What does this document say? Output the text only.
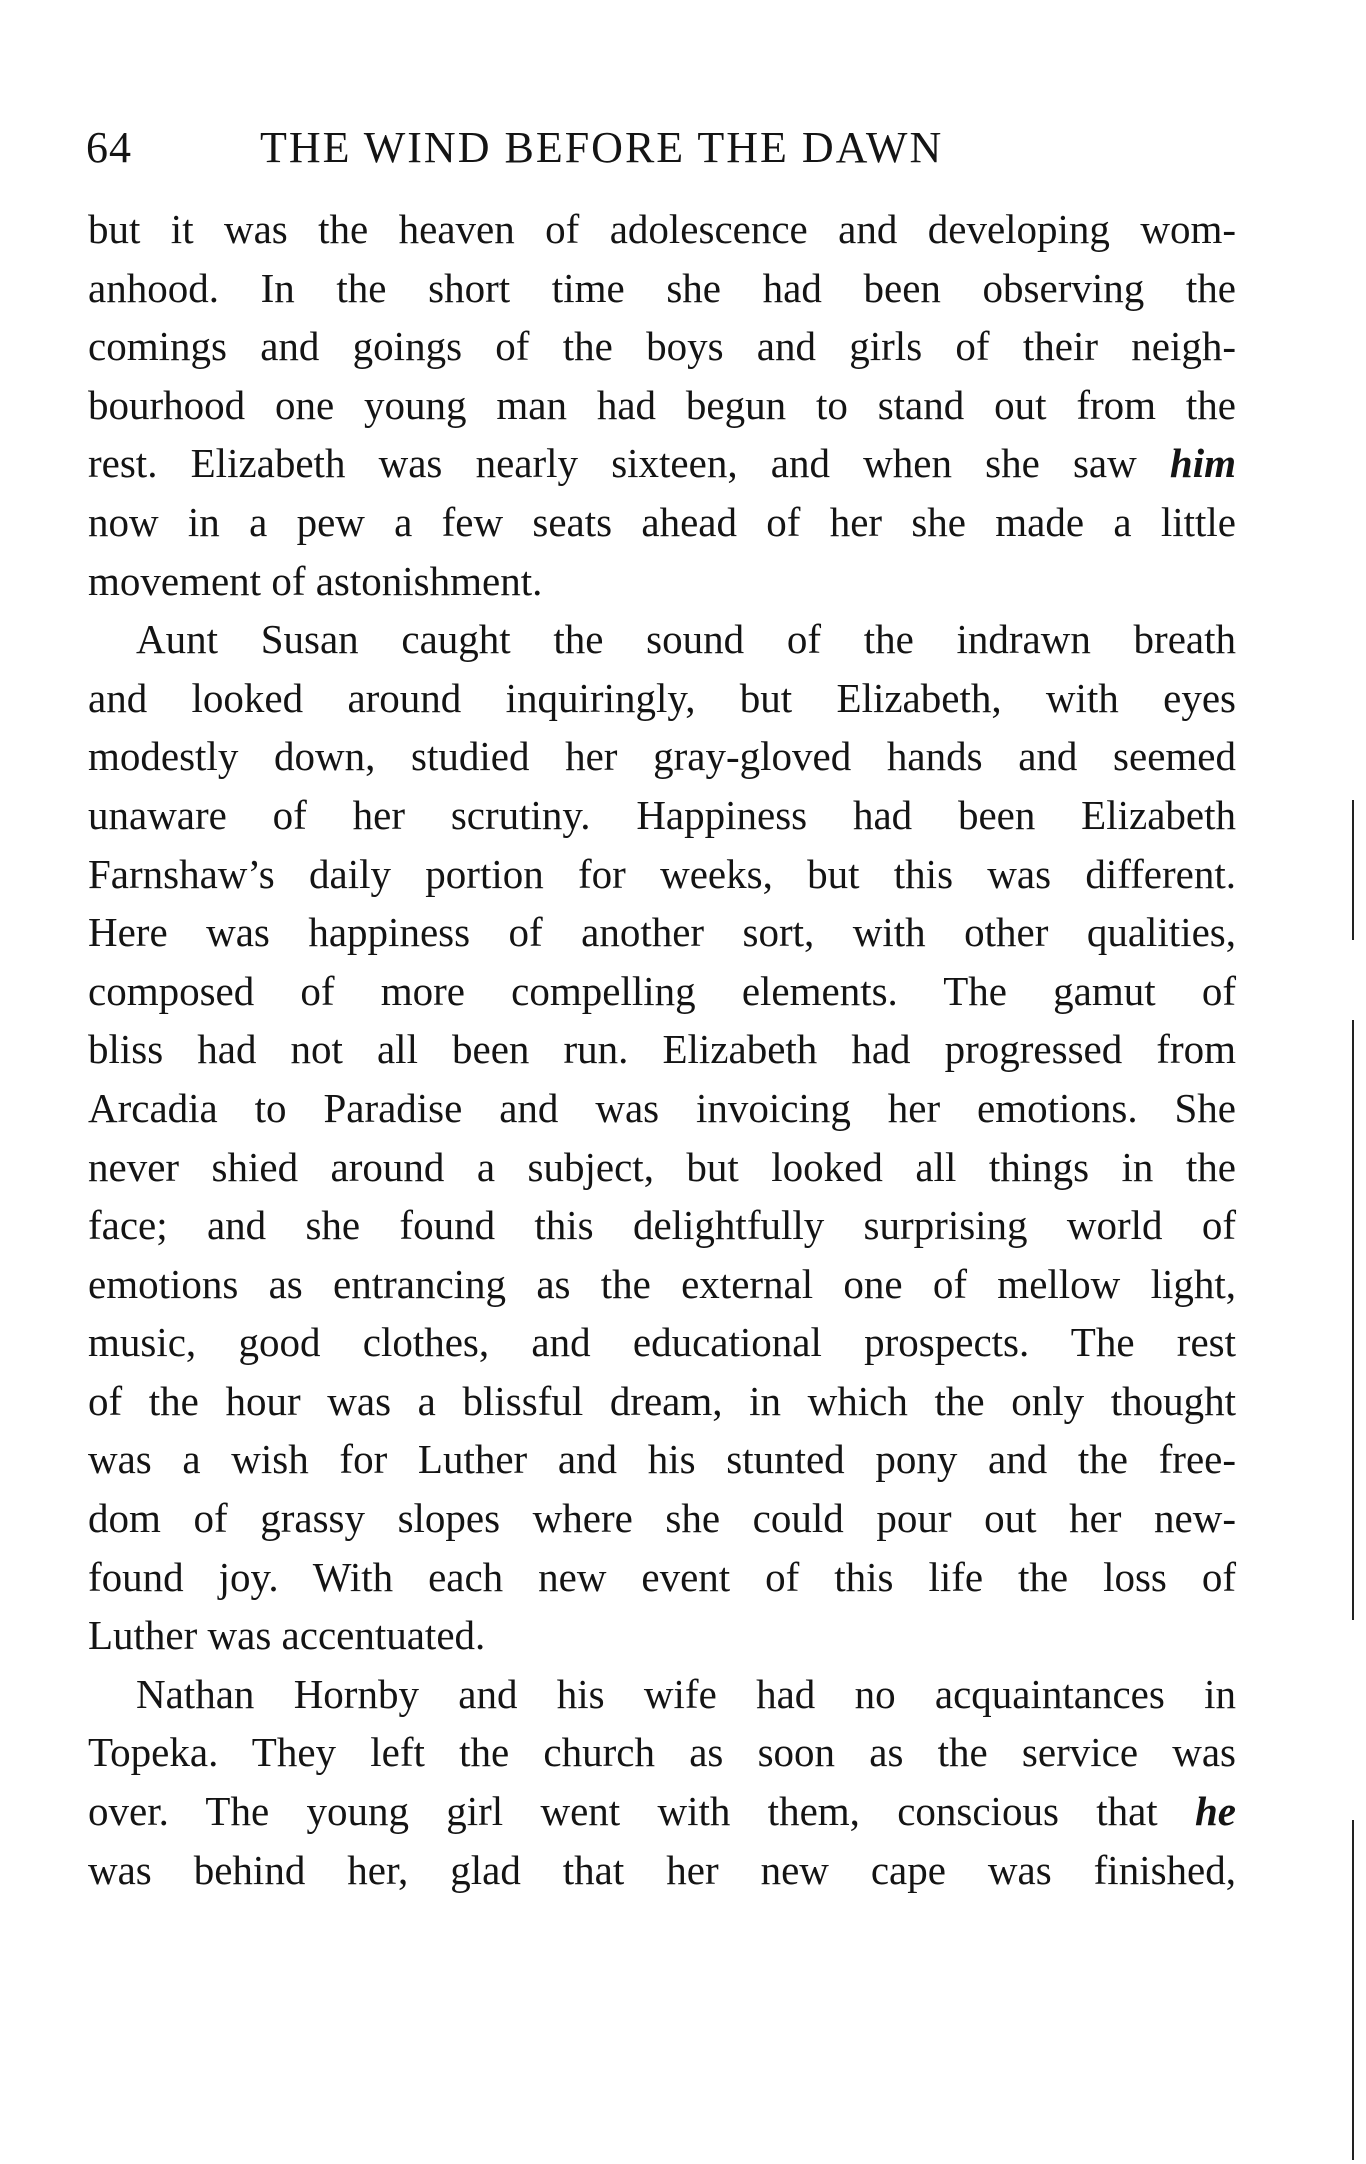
64	THE WIND BEFORE THE DAWN
but it was the heaven of adolescence and developing wom-
anhood. In the short time she had been observing the
comings and goings of the boys and girls of their neigh-
bourhood one young man had begun to stand out from the
rest. Elizabeth was nearly sixteen, and when she saw him
now in a pew a few seats ahead of her she made a little
movement of astonishment.
Aunt Susan caught the sound of the indrawn breath
and looked around inquiringly, but Elizabeth, with eyes
modestly down, studied her gray-gloved hands and seemed
unaware of her scrutiny. Happiness had been Elizabeth
Farnshaw’s daily portion for weeks, but this was different.
Here was happiness of another sort, with other qualities,
composed of more compelling elements. The gamut of
bliss had not all been run. Elizabeth had progressed from
Arcadia to Paradise and was invoicing her emotions. She
never shied around a subject, but looked all things in the
face; and she found this delightfully surprising world of
emotions as entrancing as the external one of mellow light,
music, good clothes, and educational prospects. The rest
of the hour was a blissful dream, in which the only thought
was a wish for Luther and his stunted pony and the free-
dom of grassy slopes where she could pour out her new-
found joy. With each new event of this life the loss of
Luther was accentuated.
Nathan Hornby and his wife had no acquaintances in
Topeka. They left the church as soon as the service was
over. The young girl went with them, conscious that he
was behind her, glad that her new cape was finished,
